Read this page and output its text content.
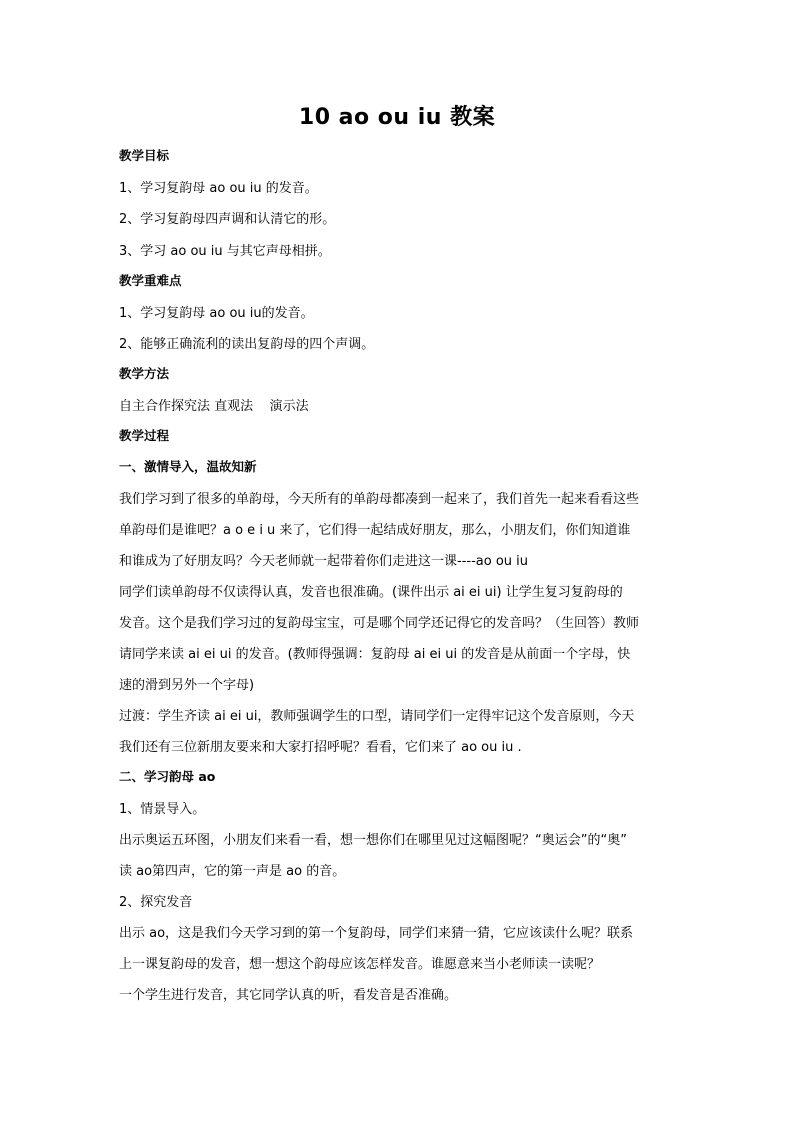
10 ao ou iu 教案
教学目标
1、学习复韵母 ao ou iu 的发音。
2、学习复韵母四声调和认清它的形。
3、学习 ao ou iu 与其它声母相拼。
教学重难点
1、学习复韵母 ao ou iu的发音。
2、能够正确流利的读出复韵母的四个声调。
教学方法
自主合作探究法 直观法    演示法
教学过程
一、激情导入，温故知新
我们学习到了很多的单韵母，今天所有的单韵母都凑到一起来了，我们首先一起来看看这些
单韵母们是谁吧？a o e i u 来了，它们得一起结成好朋友，那么，小朋友们，你们知道谁
和谁成为了好朋友吗？今天老师就一起带着你们走进这一课----ao ou iu
同学们读单韵母不仅读得认真，发音也很准确。(课件出示 ai ei ui) 让学生复习复韵母的
发音。这个是我们学习过的复韵母宝宝，可是哪个同学还记得它的发音吗？（生回答）教师
请同学来读 ai ei ui 的发音。(教师得强调：复韵母 ai ei ui 的发音是从前面一个字母，快
速的滑到另外一个字母)
过渡：学生齐读 ai ei ui，教师强调学生的口型，请同学们一定得牢记这个发音原则，今天
我们还有三位新朋友要来和大家打招呼呢？看看，它们来了 ao ou iu .
二、学习韵母 ao
1、情景导入。
出示奥运五环图，小朋友们来看一看，想一想你们在哪里见过这幅图呢？“奥运会”的“奥”
读 ao第四声，它的第一声是 ao 的音。
2、探究发音
出示 ao，这是我们今天学习到的第一个复韵母，同学们来猜一猜，它应该读什么呢？联系
上一课复韵母的发音，想一想这个韵母应该怎样发音。谁愿意来当小老师读一读呢？
一个学生进行发音，其它同学认真的听，看发音是否准确。
